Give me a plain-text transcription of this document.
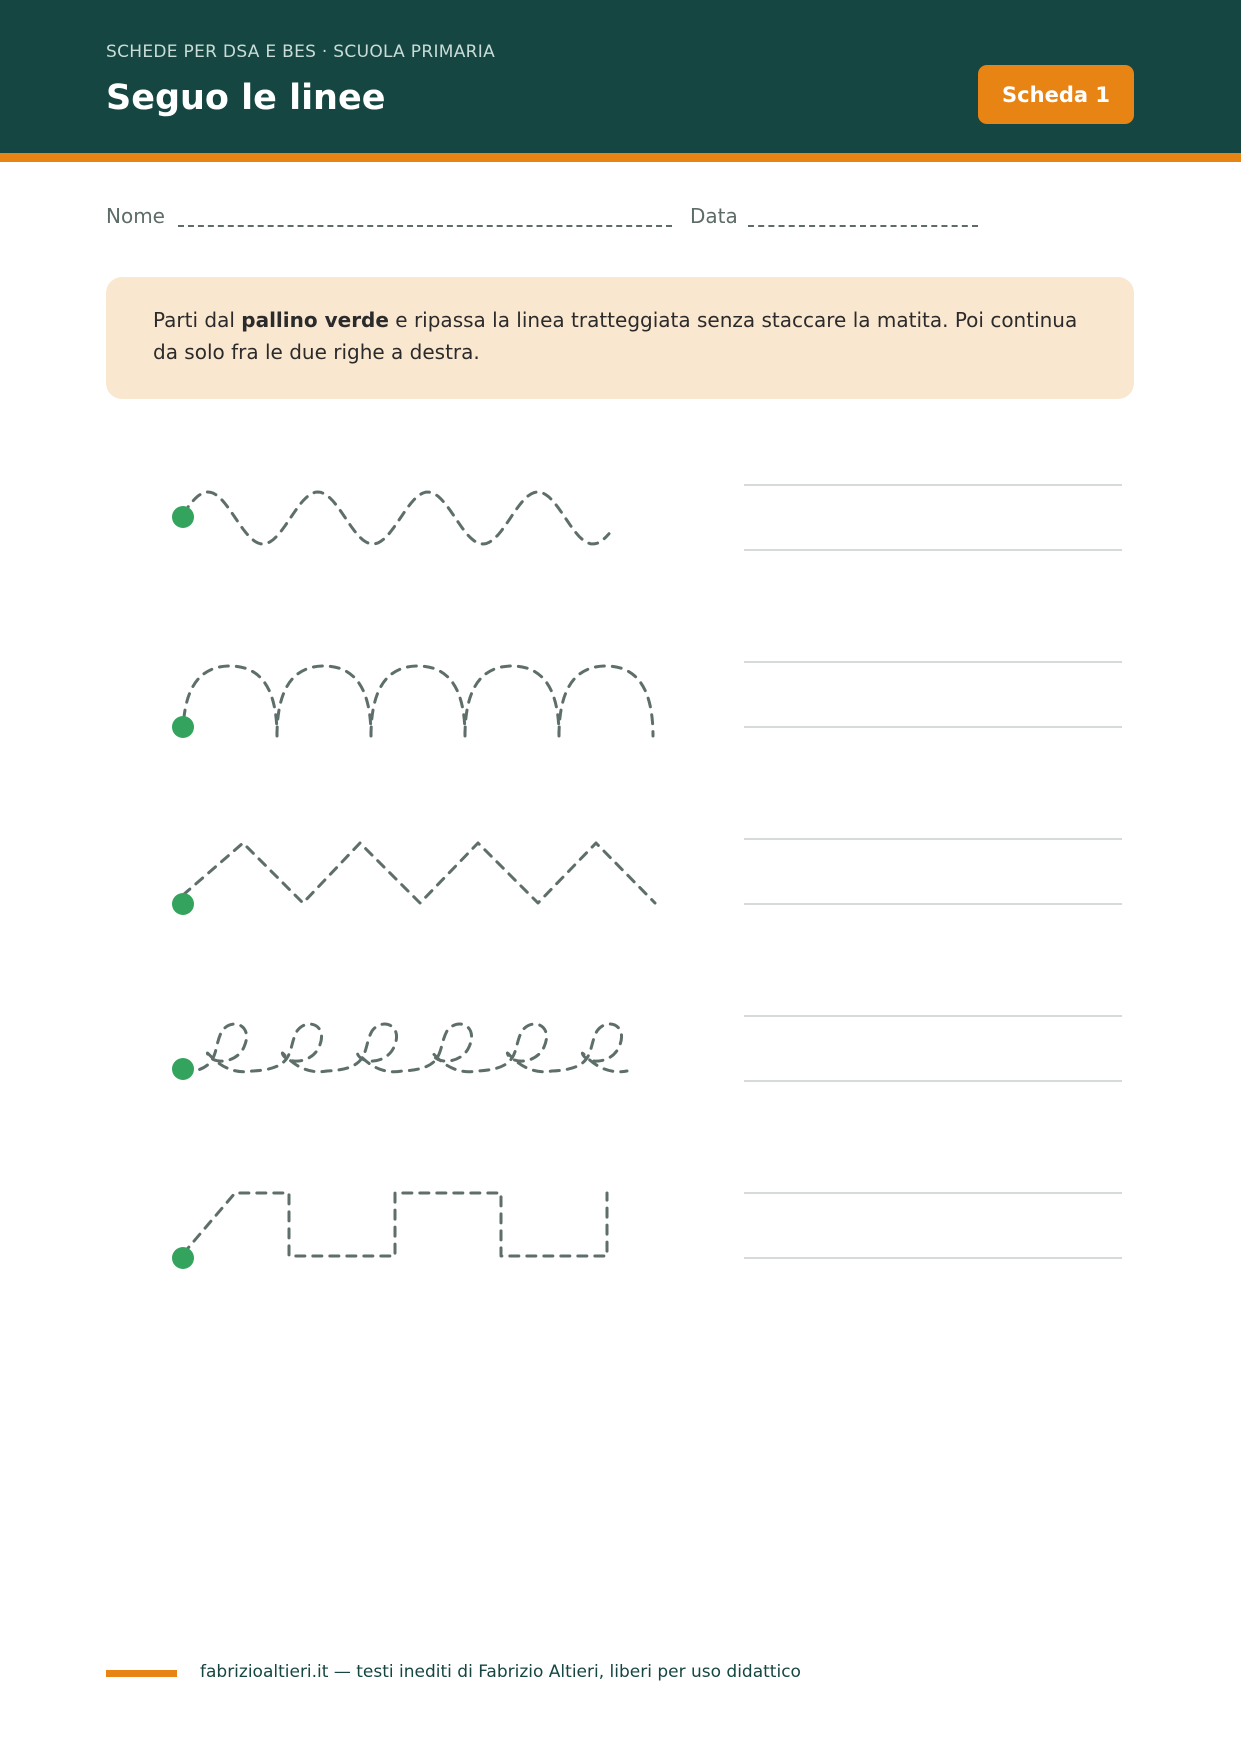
SCHEDE PER DSA E BES · SCUOLA PRIMARIA
Seguo le linee	Scheda 1
Nome	Data
Parti dal pallino verde e ripassa la linea tratteggiata senza staccare la matita. Poi continua da solo fra le due righe a destra.
fabrizioaltieri.it — testi inediti di Fabrizio Altieri, liberi per uso didattico
